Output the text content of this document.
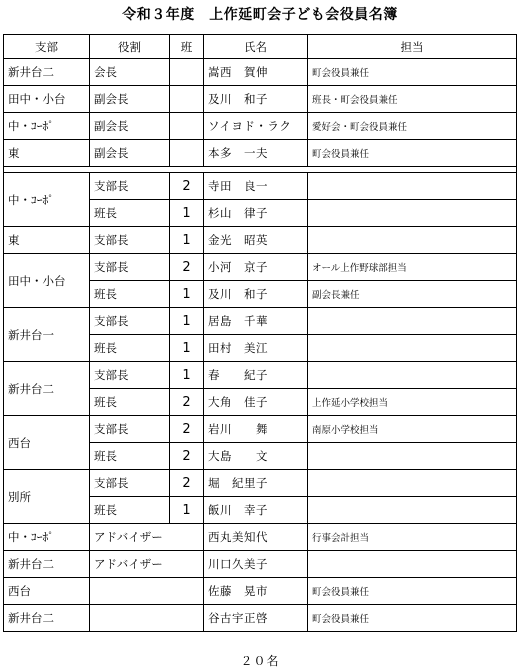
令和３年度　上作延町会子ども会役員名簿
支部	役割	班	氏名	担当
新井台二	会長		嵩西　賀伸	町会役員兼任
田中・小台	副会長		及川　和子	班長・町会役員兼任
中・ｺｰﾎﾟ	副会長		ソイヨド・ラク	愛好会・町会役員兼任
東	副会長		本多　一夫	町会役員兼任

中・ｺｰﾎﾟ	支部長	2	寺田　良一	
	班長	1	杉山　律子	
東	支部長	1	金光　昭英	
田中・小台	支部長	2	小河　京子	オール上作野球部担当
	班長	1	及川　和子	副会長兼任
新井台一	支部長	1	居島　千華	
	班長	1	田村　美江	
新井台二	支部長	1	春　　紀子	
	班長	2	大角　佳子	上作延小学校担当
西台	支部長	2	岩川　　舞	南原小学校担当
	班長	2	大島　　文	
別所	支部長	2	堀　紀里子	
	班長	1	飯川　幸子	
中・ｺｰﾎﾟ	アドバイザー		西丸美知代	行事会計担当
新井台二	アドバイザー		川口久美子	
西台			佐藤　晃市	町会役員兼任
新井台二			谷古宇正啓	町会役員兼任
２０名
